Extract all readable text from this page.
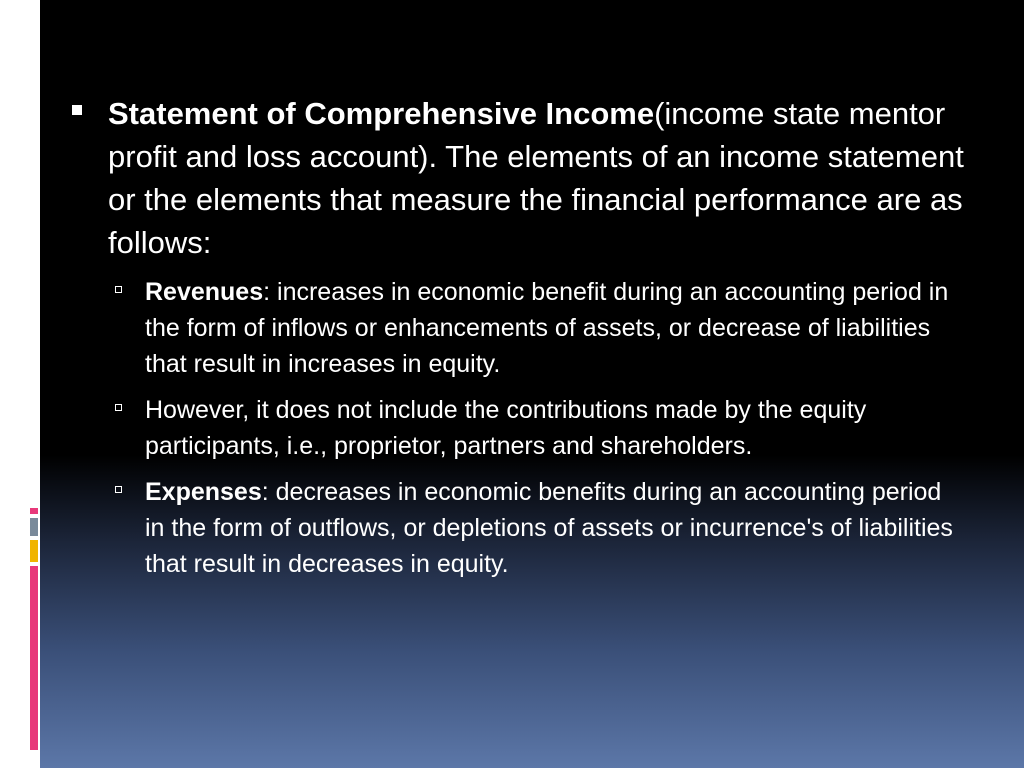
Statement of Comprehensive Income(income state mentor profit and loss account). The elements of an income statement or the elements that measure the financial performance are as follows:

Revenues: increases in economic benefit during an accounting period in the form of inflows or enhancements of assets, or decrease of liabilities that result in increases in equity.

However, it does not include the contributions made by the equity participants, i.e., proprietor, partners and shareholders.

Expenses: decreases in economic benefits during an accounting period in the form of outflows, or depletions of assets or incurrence's of liabilities that result in decreases in equity.
